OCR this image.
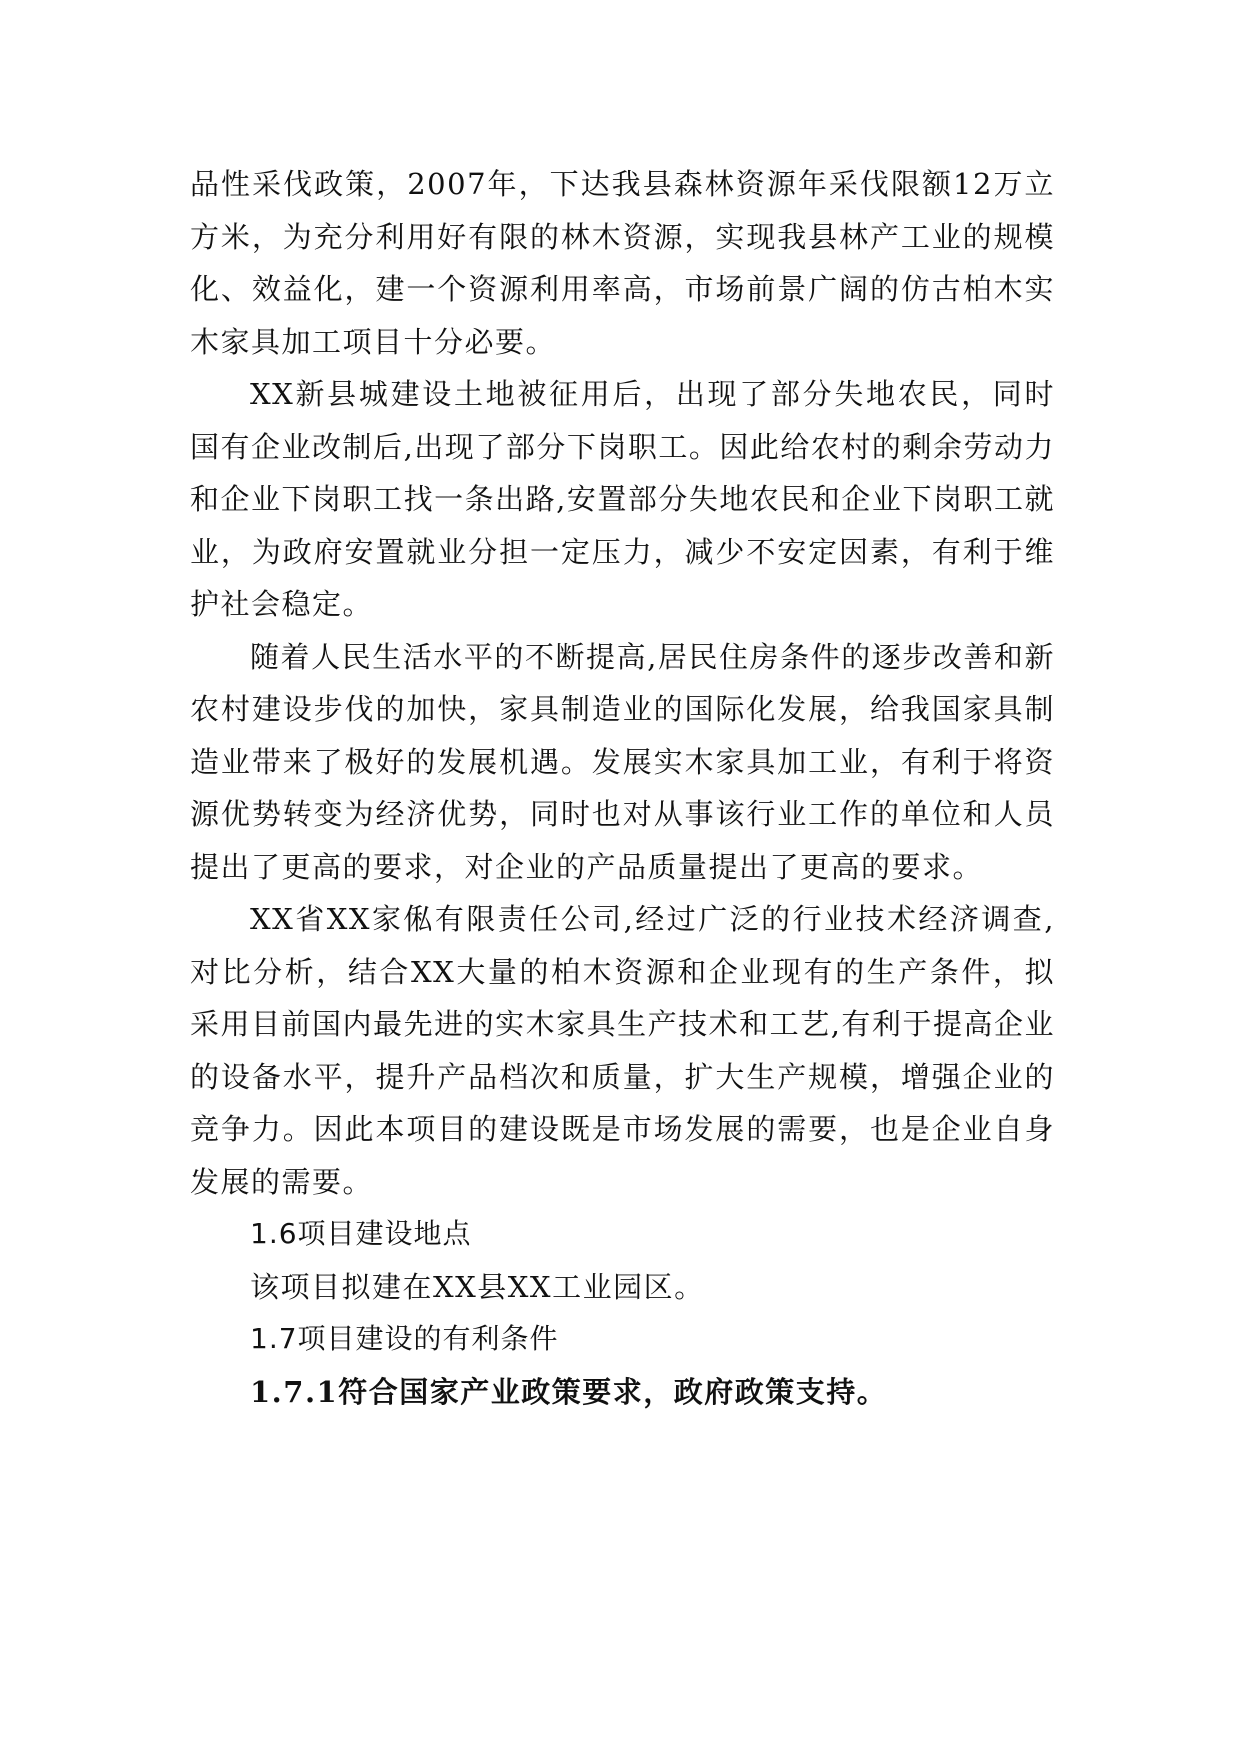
品性采伐政策，2007年，下达我县森林资源年采伐限额12万立方米，为充分利用好有限的林木资源，实现我县林产工业的规模化、效益化，建一个资源利用率高，市场前景广阔的仿古柏木实木家具加工项目十分必要。

XX新县城建设土地被征用后，出现了部分失地农民，同时国有企业改制后,出现了部分下岗职工。因此给农村的剩余劳动力和企业下岗职工找一条出路,安置部分失地农民和企业下岗职工就业，为政府安置就业分担一定压力，减少不安定因素，有利于维护社会稳定。

随着人民生活水平的不断提高,居民住房条件的逐步改善和新农村建设步伐的加快，家具制造业的国际化发展，给我国家具制造业带来了极好的发展机遇。发展实木家具加工业，有利于将资源优势转变为经济优势，同时也对从事该行业工作的单位和人员提出了更高的要求，对企业的产品质量提出了更高的要求。

XX省XX家俬有限责任公司,经过广泛的行业技术经济调查,对比分析，结合XX大量的柏木资源和企业现有的生产条件，拟采用目前国内最先进的实木家具生产技术和工艺,有利于提高企业的设备水平，提升产品档次和质量，扩大生产规模，增强企业的竞争力。因此本项目的建设既是市场发展的需要，也是企业自身发展的需要。

1.6项目建设地点

该项目拟建在XX县XX工业园区。

1.7项目建设的有利条件

1.7.1符合国家产业政策要求，政府政策支持。
